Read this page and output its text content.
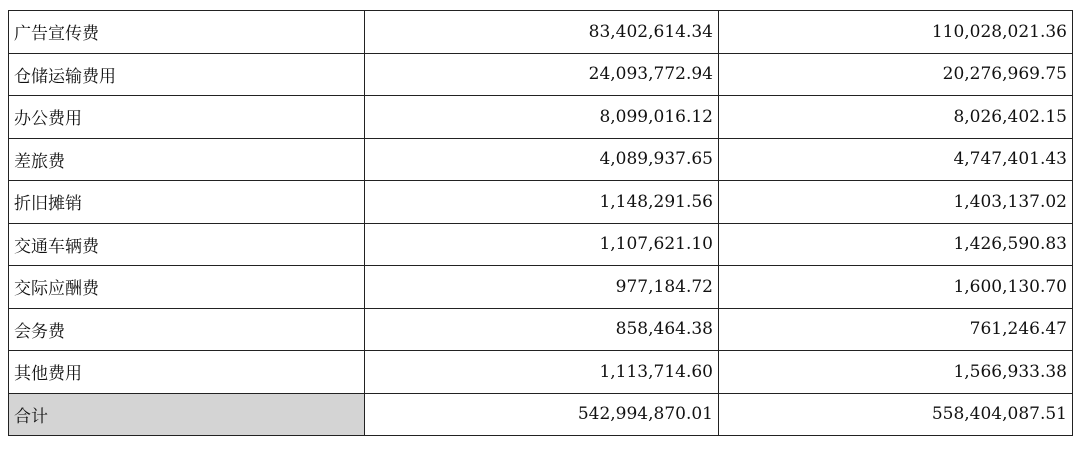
广告宣传费	83,402,614.34	110,028,021.36
仓储运输费用	24,093,772.94	20,276,969.75
办公费用	8,099,016.12	8,026,402.15
差旅费	4,089,937.65	4,747,401.43
折旧摊销	1,148,291.56	1,403,137.02
交通车辆费	1,107,621.10	1,426,590.83
交际应酬费	977,184.72	1,600,130.70
会务费	858,464.38	761,246.47
其他费用	1,113,714.60	1,566,933.38
合计	542,994,870.01	558,404,087.51
